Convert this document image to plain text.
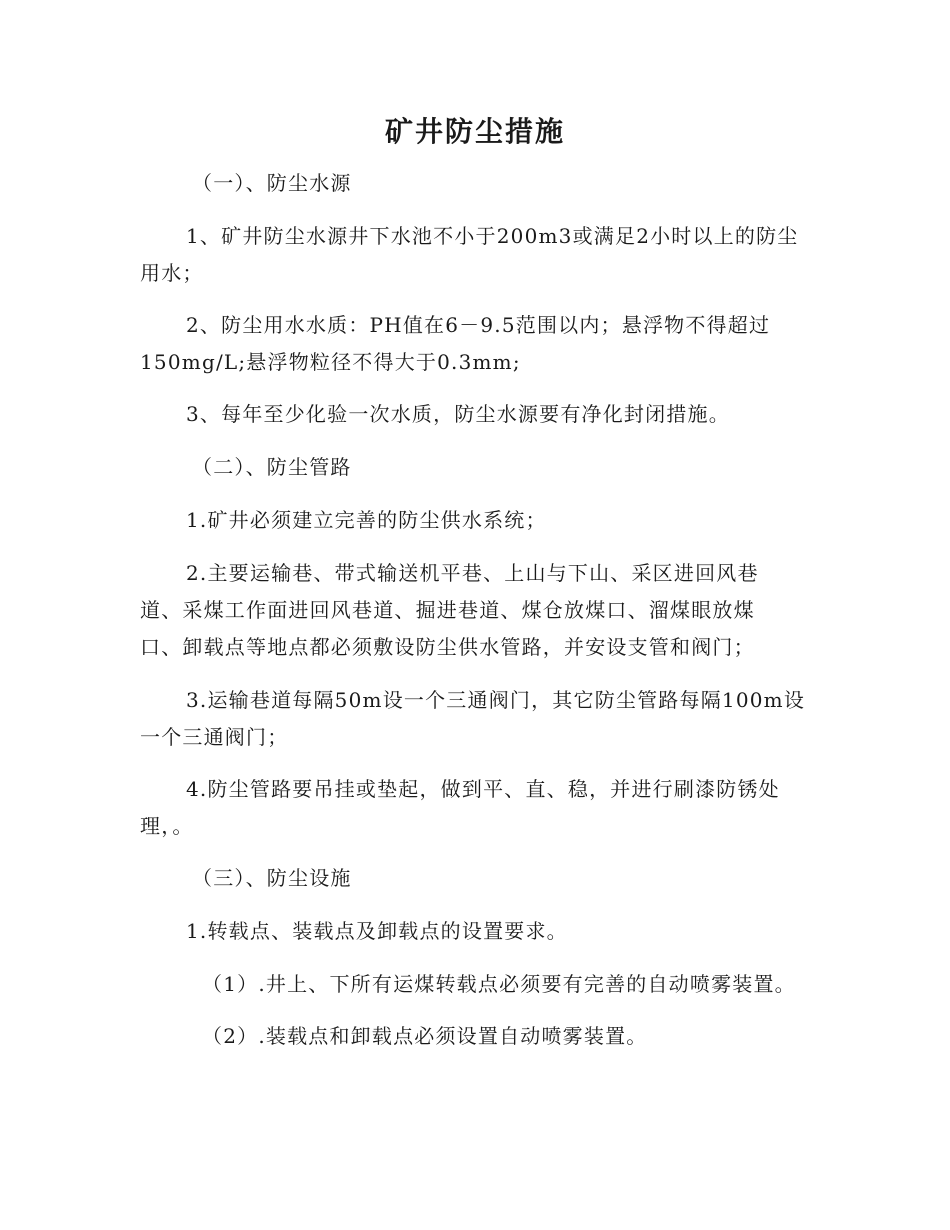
矿井防尘措施
（一）、防尘水源
1、矿井防尘水源井下水池不小于200m3或满足2小时以上的防尘
用水；
2、防尘用水水质：PH值在6－9.5范围以内；悬浮物不得超过
150mg/L;悬浮物粒径不得大于0.3mm;
3、每年至少化验一次水质，防尘水源要有净化封闭措施。
（二）、防尘管路
1.矿井必须建立完善的防尘供水系统；
2.主要运输巷、带式输送机平巷、上山与下山、采区进回风巷
道、采煤工作面进回风巷道、掘进巷道、煤仓放煤口、溜煤眼放煤
口、卸载点等地点都必须敷设防尘供水管路，并安设支管和阀门；
3.运输巷道每隔50m设一个三通阀门，其它防尘管路每隔100m设
一个三通阀门；
4.防尘管路要吊挂或垫起，做到平、直、稳，并进行刷漆防锈处
理，。
（三）、防尘设施
1.转载点、装载点及卸载点的设置要求。
（1）.井上、下所有运煤转载点必须要有完善的自动喷雾装置。
（2）.装载点和卸载点必须设置自动喷雾装置。
